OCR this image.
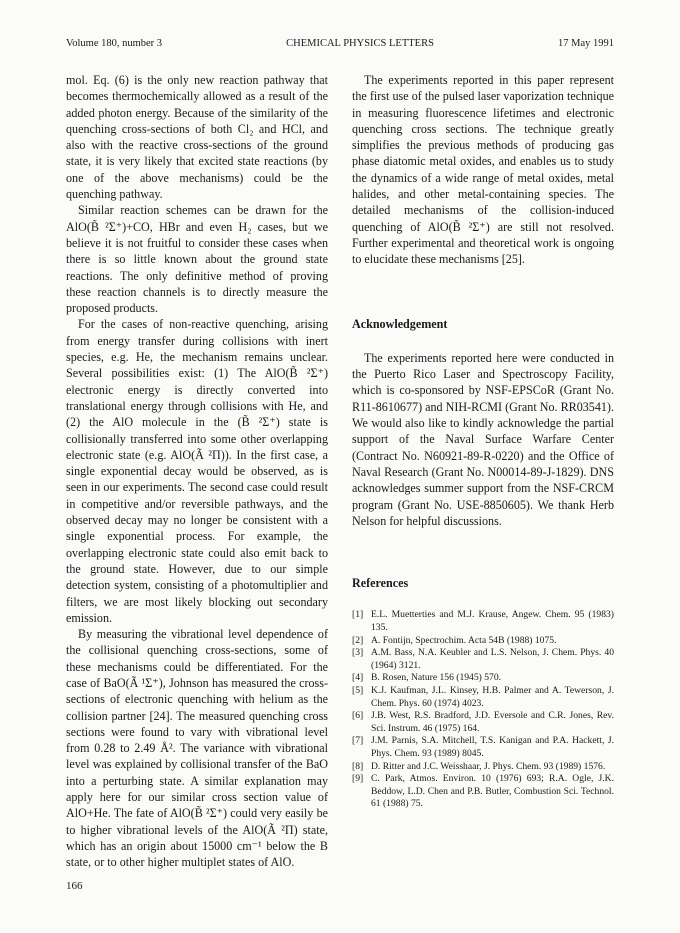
Volume 180, number 3	CHEMICAL PHYSICS LETTERS	17 May 1991

mol. Eq. (6) is the only new reaction pathway that becomes thermochemically allowed as a result of the added photon energy. Because of the similarity of the quenching cross-sections of both Cl₂ and HCl, and also with the reactive cross-sections of the ground state, it is very likely that excited state reactions (by one of the above mechanisms) could be the quenching pathway.

Similar reaction schemes can be drawn for the AlO(B̃ ²Σ⁺)+CO, HBr and even H₂ cases, but we believe it is not fruitful to consider these cases when there is so little known about the ground state reactions. The only definitive method of proving these reaction channels is to directly measure the proposed products.

For the cases of non-reactive quenching, arising from energy transfer during collisions with inert species, e.g. He, the mechanism remains unclear. Several possibilities exist: (1) The AlO(B̃ ²Σ⁺) electronic energy is directly converted into translational energy through collisions with He, and (2) the AlO molecule in the (B̃ ²Σ⁺) state is collisionally transferred into some other overlapping electronic state (e.g. AlO(Ã ²Π)). In the first case, a single exponential decay would be observed, as is seen in our experiments. The second case could result in competitive and/or reversible pathways, and the observed decay may no longer be consistent with a single exponential process. For example, the overlapping electronic state could also emit back to the ground state. However, due to our simple detection system, consisting of a photomultiplier and filters, we are most likely blocking out secondary emission.

By measuring the vibrational level dependence of the collisional quenching cross-sections, some of these mechanisms could be differentiated. For the case of BaO(Ã ¹Σ⁺), Johnson has measured the cross-sections of electronic quenching with helium as the collision partner [24]. The measured quenching cross sections were found to vary with vibrational level from 0.28 to 2.49 Å². The variance with vibrational level was explained by collisional transfer of the BaO into a perturbing state. A similar explanation may apply here for our similar cross section value of AlO+He. The fate of AlO(B̃ ²Σ⁺) could very easily be to higher vibrational levels of the AlO(Ã ²Π) state, which has an origin about 15000 cm⁻¹ below the B state, or to other higher multiplet states of AlO.

The experiments reported in this paper represent the first use of the pulsed laser vaporization technique in measuring fluorescence lifetimes and electronic quenching cross sections. The technique greatly simplifies the previous methods of producing gas phase diatomic metal oxides, and enables us to study the dynamics of a wide range of metal oxides, metal halides, and other metal-containing species. The detailed mechanisms of the collision-induced quenching of AlO(B̃ ²Σ⁺) are still not resolved. Further experimental and theoretical work is ongoing to elucidate these mechanisms [25].

Acknowledgement

The experiments reported here were conducted in the Puerto Rico Laser and Spectroscopy Facility, which is co-sponsored by NSF-EPSCoR (Grant No. R11-8610677) and NIH-RCMI (Grant No. RR03541). We would also like to kindly acknowledge the partial support of the Naval Surface Warfare Center (Contract No. N60921-89-R-0220) and the Office of Naval Research (Grant No. N00014-89-J-1829). DNS acknowledges summer support from the NSF-CRCM program (Grant No. USE-8850605). We thank Herb Nelson for helpful discussions.

References
[1] E.L. Muetterties and M.J. Krause, Angew. Chem. 95 (1983) 135.
[2] A. Fontijn, Spectrochim. Acta 54B (1988) 1075.
[3] A.M. Bass, N.A. Keubler and L.S. Nelson, J. Chem. Phys. 40 (1964) 3121.
[4] B. Rosen, Nature 156 (1945) 570.
[5] K.J. Kaufman, J.L. Kinsey, H.B. Palmer and A. Tewerson, J. Chem. Phys. 60 (1974) 4023.
[6] J.B. West, R.S. Bradford, J.D. Eversole and C.R. Jones, Rev. Sci. Instrum. 46 (1975) 164.
[7] J.M. Parnis, S.A. Mitchell, T.S. Kanigan and P.A. Hackett, J. Phys. Chem. 93 (1989) 8045.
[8] D. Ritter and J.C. Weisshaar, J. Phys. Chem. 93 (1989) 1576.
[9] C. Park, Atmos. Environ. 10 (1976) 693; R.A. Ogle, J.K. Beddow, L.D. Chen and P.B. Butler, Combustion Sci. Technol. 61 (1988) 75.
166
